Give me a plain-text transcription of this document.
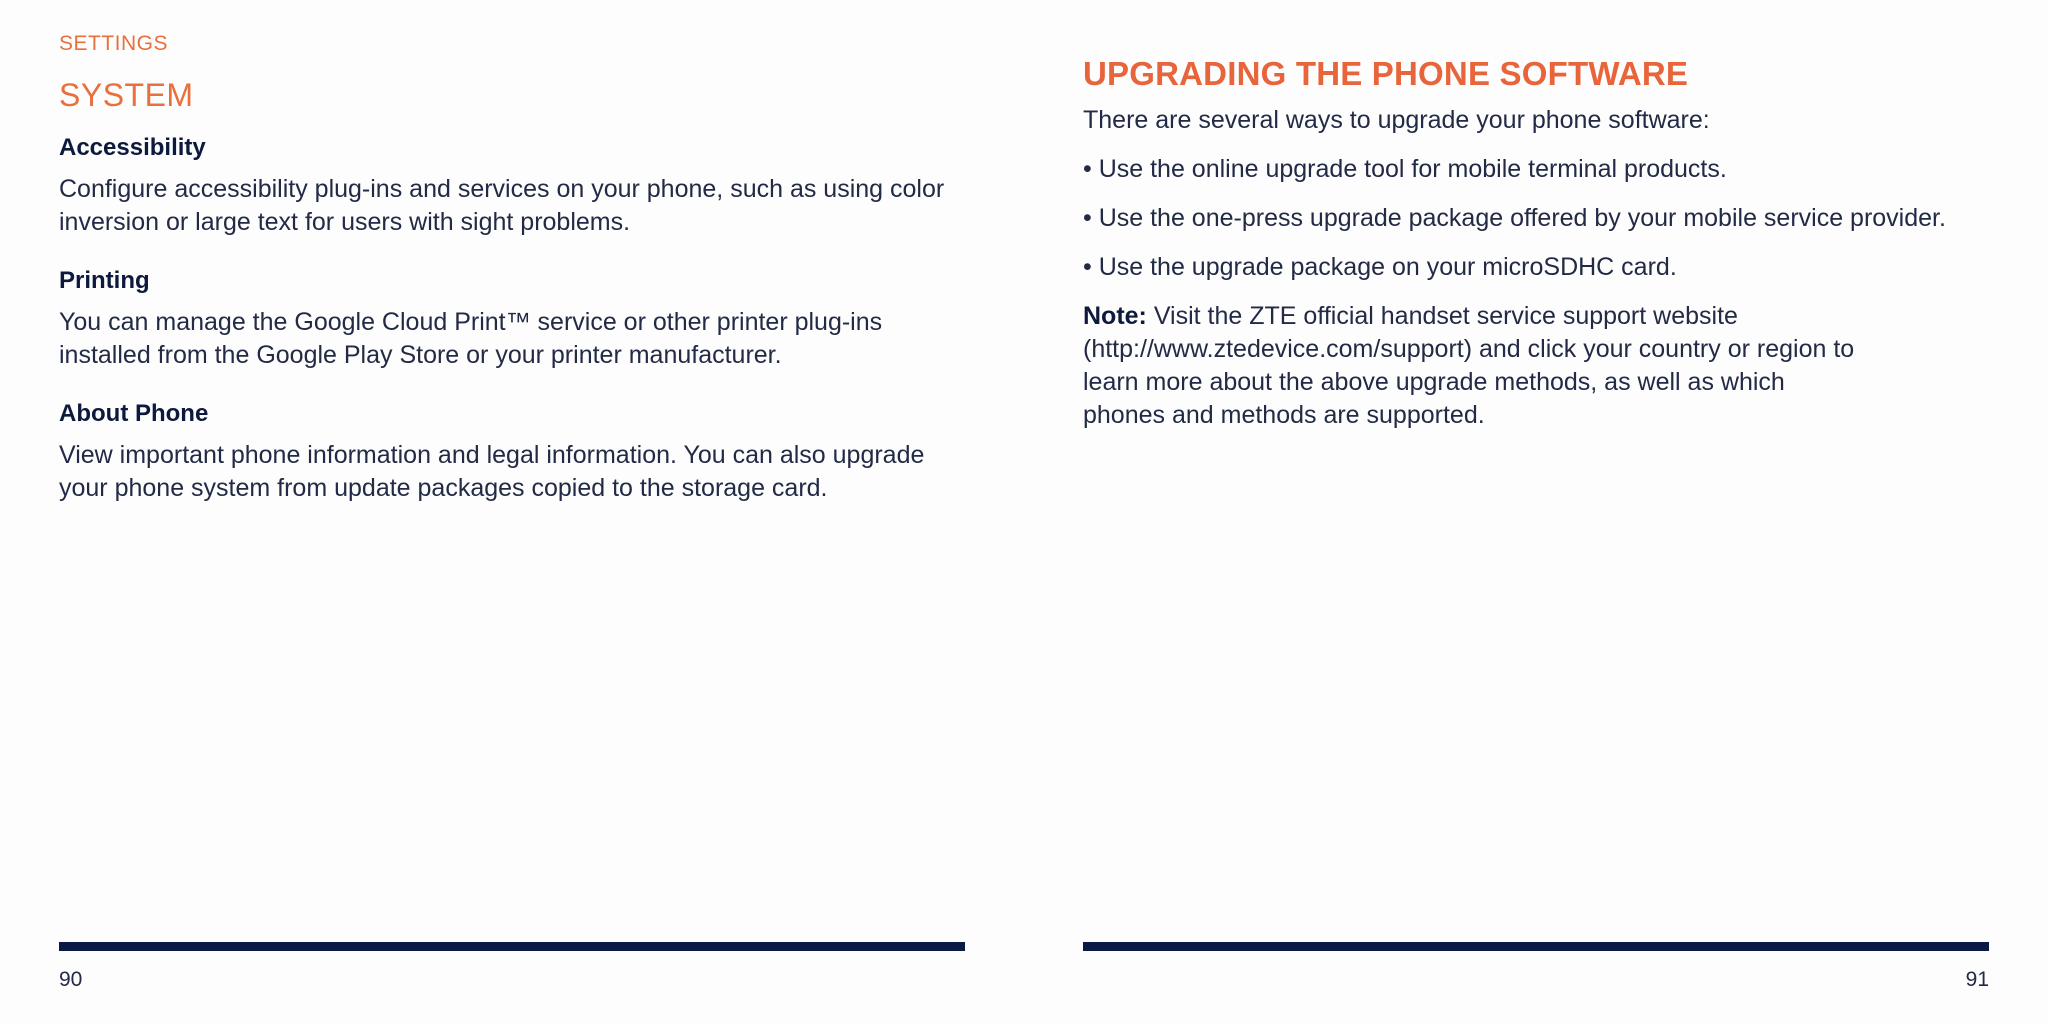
SETTINGS

SYSTEM
Accessibility

Configure accessibility plug-ins and services on your phone, such as using color inversion or large text for users with sight problems.

Printing

You can manage the Google Cloud Print™ service or other printer plug-ins installed from the Google Play Store or your printer manufacturer.

About Phone

View important phone information and legal information. You can also upgrade your phone system from update packages copied to the storage card.

90
UPGRADING THE PHONE SOFTWARE

There are several ways to upgrade your phone software:

• Use the online upgrade tool for mobile terminal products.
• Use the one-press upgrade package offered by your mobile service provider.
• Use the upgrade package on your microSDHC card.

Note: Visit the ZTE official handset service support website (http://www.ztedevice.com/support) and click your country or region to learn more about the above upgrade methods, as well as which phones and methods are supported.

91
